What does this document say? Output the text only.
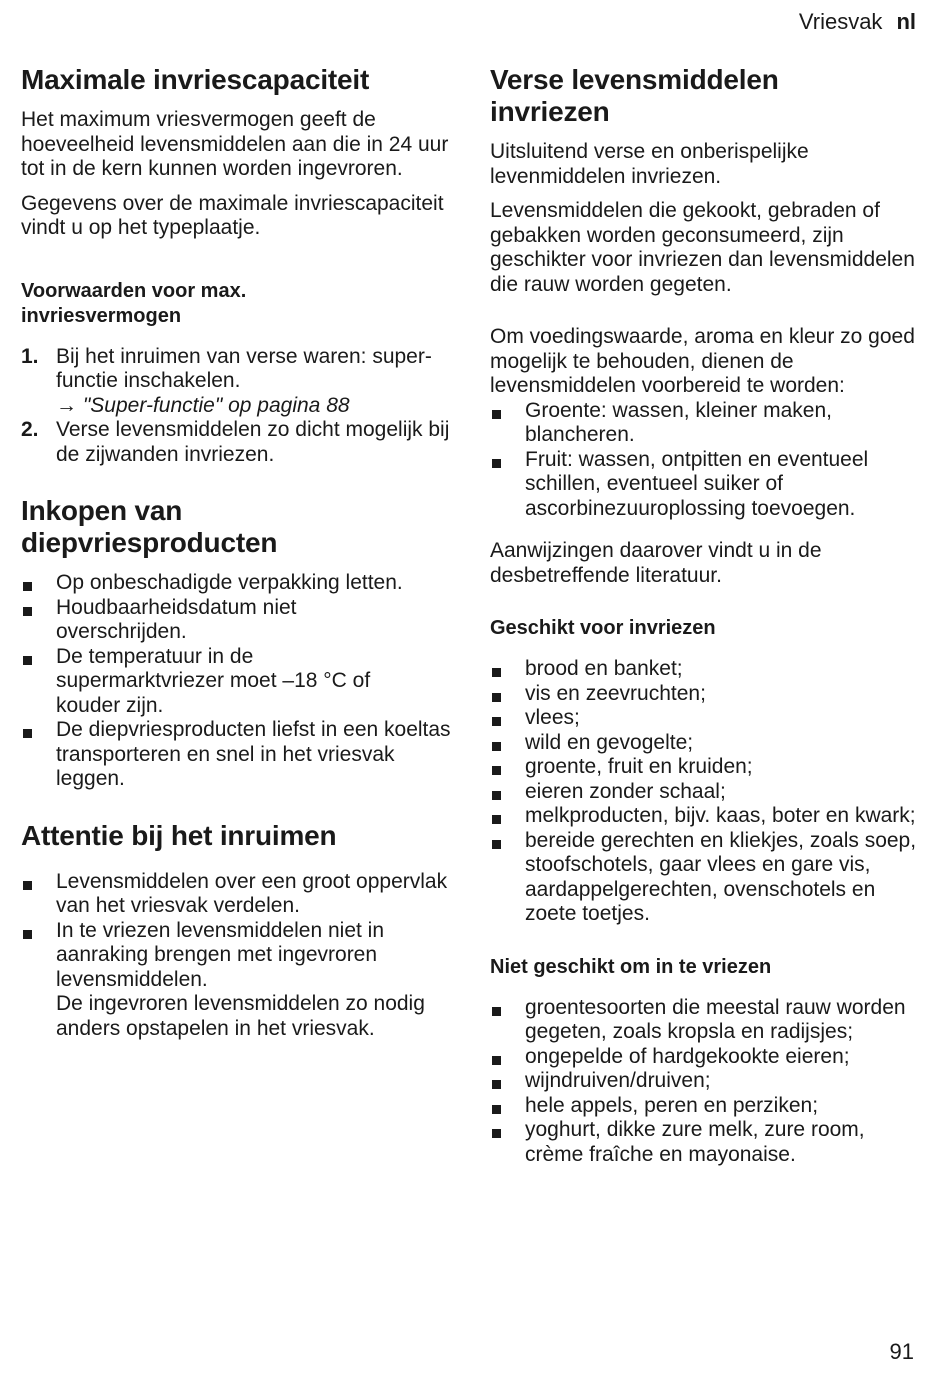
Vriesvak nl
Maximale invriescapaciteit

Het maximum vriesvermogen geeft de hoeveelheid levensmiddelen aan die in 24 uur tot in de kern kunnen worden ingevroren.

Gegevens over de maximale invriescapaciteit vindt u op het typeplaatje.

Voorwaarden voor max. invriesvermogen
1. Bij het inruimen van verse waren: super-functie inschakelen.
→ "Super-functie" op pagina 88
2. Verse levensmiddelen zo dicht mogelijk bij de zijwanden invriezen.
Inkopen van diepvriesproducten
Op onbeschadigde verpakking letten.
Houdbaarheidsdatum niet overschrijden.
De temperatuur in de supermarktvriezer moet –18 °C of kouder zijn.
De diepvriesproducten liefst in een koeltas transporteren en snel in het vriesvak leggen.
Attentie bij het inruimen
Levensmiddelen over een groot oppervlak van het vriesvak verdelen.
In te vriezen levensmiddelen niet in aanraking brengen met ingevroren levensmiddelen.
De ingevroren levensmiddelen zo nodig anders opstapelen in het vriesvak.
Verse levensmiddelen invriezen

Uitsluitend verse en onberispelijke levenmiddelen invriezen.

Levensmiddelen die gekookt, gebraden of gebakken worden geconsumeerd, zijn geschikter voor invriezen dan levensmiddelen die rauw worden gegeten.

Om voedingswaarde, aroma en kleur zo goed mogelijk te behouden, dienen de levensmiddelen voorbereid te worden:

Groente: wassen, kleiner maken, blancheren.
Fruit: wassen, ontpitten en eventueel schillen, eventueel suiker of ascorbinezuuroplossing toevoegen.

Aanwijzingen daarover vindt u in de desbetreffende literatuur.

Geschikt voor invriezen
brood en banket;
vis en zeevruchten;
vlees;
wild en gevogelte;
groente, fruit en kruiden;
eieren zonder schaal;
melkproducten, bijv. kaas, boter en kwark;
bereide gerechten en kliekjes, zoals soep, stoofschotels, gaar vlees en gare vis, aardappelgerechten, ovenschotels en zoete toetjes.
Niet geschikt om in te vriezen
groentesoorten die meestal rauw worden gegeten, zoals kropsla en radijsjes;
ongepelde of hardgekookte eieren;
wijndruiven/druiven;
hele appels, peren en perziken;
yoghurt, dikke zure melk, zure room, crème fraîche en mayonaise.
91
